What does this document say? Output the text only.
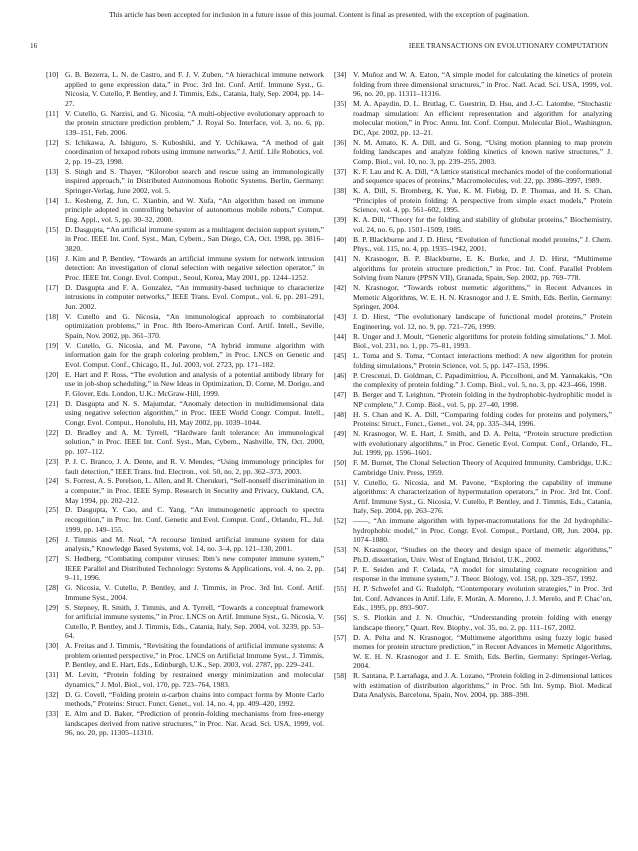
This article has been accepted for inclusion in a future issue of this journal. Content is final as presented, with the exception of pagination.
16	IEEE TRANSACTIONS ON EVOLUTIONARY COMPUTATION
[10] G. B. Bezerra, L. N. de Castro, and F. J. V. Zuben, “A hierachical immune network applied to gene expression data,” in Proc. 3rd Int. Conf. Artif. Immune Syst., G. Nicosia, V. Cutello, P. Bentley, and J. Timmis, Eds., Catania, Italy, Sep. 2004, pp. 14–27.
[11] V. Cutello, G. Narzisi, and G. Nicosia, “A multi-objective evolutionary approach to the protein structure prediction problem,” J. Royal So. Interface, vol. 3, no. 6, pp. 139–151, Feb. 2006.
[12] S. Ichikawa, A. Ishiguro, S. Kuboshiki, and Y. Uchikawa, “A method of gait coordination of hexapod robots using immune networks,” J. Artif. Life Robotics, vol. 2, pp. 19–23, 1998.
[13] S. Singh and S. Thayer, “Kilorobot search and rescue using an immunologically inspired approach,” in Distributed Autonomous Robotic Systems. Berlin, Germany: Springer-Verlag, June 2002, vol. 5.
[14] L. Kesheng, Z. Jun, C. Xianbin, and W. Xufa, “An algorithm based on immune principle adopted in controlling behavior of autonomous mobile robots,” Comput. Eng. Appl., vol. 5, pp. 30–32, 2000.
[15] D. Dasgupta, “An artificial immune system as a multiagent decision support system,” in Proc. IEEE Int. Conf. Syst., Man, Cybern., San Diego, CA, Oct. 1998, pp. 3816–3820.
[16] J. Kim and P. Bentley, “Towards an artificial immune system for network intrusion detection: An investigation of clonal selection with negative selection operator,” in Proc. IEEE Int. Congr. Evol. Comput., Seoul, Korea, May 2001, pp. 1244–1252.
[17] D. Dasgupta and F. A. Gonzalez, “An immunity-based technique to characterize intrusions in computer networks,” IEEE Trans. Evol. Comput., vol. 6, pp. 281–291, Jun. 2002.
[18] V. Cutello and G. Nicosia, “An immunological approach to combinatorial optimization problems,” in Proc. 8th Ibero-American Conf. Artif. Intell., Seville, Spain, Nov. 2002, pp. 361–370.
[19] V. Cutello, G. Nicosia, and M. Pavone, “A hybrid immune algorithm with information gain for the graph coloring problem,” in Proc. LNCS on Genetic and Evol. Comput. Conf., Chicago, IL, Jul. 2003, vol. 2723, pp. 171–182.
[20] E. Hart and P. Ross, “The evolution and analysis of a potential antibody library for use in job-shop scheduling,” in New Ideas in Optimization, D. Corne, M. Dorigo, and F. Glover, Eds. London, U.K.: McGraw-Hill, 1999.
[21] D. Dasgupta and N. S. Majumdar, “Anomaly detection in multidimensional data using negative selection algorithm,” in Proc. IEEE World Congr. Comput. Intell., Congr. Evol. Comput., Honolulu, HI, May 2002, pp. 1039–1044.
[22] D. Bradley and A. M. Tyrrell, “Hardware fault tolerance: An immunological solution,” in Proc. IEEE Int. Conf. Syst., Man, Cybern., Nashville, TN, Oct. 2000, pp. 107–112.
[23] P. J. C. Branco, J. A. Dente, and R. V. Mendes, “Using immunology principles for fault detection,” IEEE Trans. Ind. Electron., vol. 50, no. 2, pp. 362–373, 2003.
[24] S. Forrest, A. S. Perelson, L. Allen, and R. Cherukuri, “Self-nonself discrimination in a computer,” in Proc. IEEE Symp. Research in Security and Privacy, Oakland, CA, May 1994, pp. 202–212.
[25] D. Dasgupta, Y. Cao, and C. Yang, “An immunogenetic approach to spectra recognition,” in Proc. Int. Conf. Genetic and Evol. Comput. Conf., Orlando, FL, Jul. 1999, pp. 149–155.
[26] J. Timmis and M. Neal, “A recourse limited artificial immune system for data analysis,” Knowledge Based Systems, vol. 14, no. 3–4, pp. 121–130, 2001.
[27] S. Hedberg, “Combating computer viruses: Ibm’s new computer immune system,” IEEE Parallel and Distributed Technology: Systems & Applications, vol. 4, no. 2, pp. 9–11, 1996.
[28] G. Nicosia, V. Cutello, P. Bentley, and J. Timmis, in Proc. 3rd Int. Conf. Artif. Immune Syst., 2004.
[29] S. Stepney, R. Smith, J. Timmis, and A. Tyrrell, “Towards a conceptual framework for artificial immune systems,” in Proc. LNCS on Artif. Immune Syst., G. Nicosia, V. Cutello, P. Bentley, and J. Timmis, Eds., Catania, Italy, Sep. 2004, vol. 3239, pp. 53–64.
[30] A. Freitas and J. Timmis, “Revisiting the foundations of artificial immune systems: A problem oriented perspective,” in Proc. LNCS on Artificial Immune Syst., J. Timmis, P. Bentley, and E. Hart, Eds., Edinburgh, U.K., Sep. 2003, vol. 2787, pp. 229–241.
[31] M. Levitt, “Protein folding by restrained energy minimization and molecular dynamics,” J. Mol. Biol., vol. 170, pp. 723–764, 1983.
[32] D. G. Covell, “Folding protein α-carbon chains into compact forms by Monte Carlo methods,” Proteins: Struct. Funct. Genet., vol. 14, no. 4, pp. 409–420, 1992.
[33] E. Alm and D. Baker, “Prediction of protein-folding mechanisms from free-energy landscapes derived from native structures,” in Proc. Nat. Acad. Sci. USA, 1999, vol. 96, no. 20, pp. 11305–11310.
[34] V. Muñoz and W. A. Eaton, “A simple model for calculating the kinetics of protein folding from three dimensional structures,” in Proc. Natl. Acad. Sci. USA, 1999, vol. 96, no. 20, pp. 11311–11316.
[35] M. A. Apaydin, D. L. Brutlag, C. Guestrin, D. Hsu, and J.-C. Latombe, “Stochastic roadmap simulation: An efficient representation and algorithm for analyzing molecular motion,” in Proc. Annu. Int. Conf. Comput. Molecular Biol., Washington, DC, Apr. 2002, pp. 12–21.
[36] N. M. Amato, K. A. Dill, and G. Song, “Using motion planning to map protein folding landscapes and analyze folding kinetics of known native structures,” J. Comp. Biol., vol. 10, no. 3, pp. 239–255, 2003.
[37] K. F. Lau and K. A. Dill, “A lattice statistical mechanics model of the conformational and sequence spaces of proteins,” Macromolecules, vol. 22, pp. 3986–3997, 1989.
[38] K. A. Dill, S. Bromberg, K. Yue, K. M. Fiebig, D. P. Thomas, and H. S. Chan, “Principles of protein folding: A perspective from simple exact models,” Protein Science, vol. 4, pp. 561–602, 1995.
[39] K. A. Dill, “Theory for the folding and stability of globular proteins,” Biochemistry, vol. 24, no. 6, pp. 1501–1509, 1985.
[40] B. P. Blackburne and J. D. Hirst, “Evolution of functional model proteins,” J. Chem. Phys., vol. 115, no. 4, pp. 1935–1942, 2001.
[41] N. Krasnogor, B. P. Blackburne, E. K. Burke, and J. D. Hirst, “Multimeme algorithms for protein structure prediction,” in Proc. Int. Conf. Parallel Problem Solving from Nature (PPSN VII), Granada, Spain, Sep. 2002, pp. 769–778.
[42] N. Krasnogor, “Towards robust memetic algorithms,” in Recent Advances in Memetic Algorithms, W. E. H. N. Krasnogor and J. E. Smith, Eds. Berlin, Germany: Springer, 2004.
[43] J. D. Hirst, “The evolutionary landscape of functional model proteins,” Protein Engineering, vol. 12, no. 9, pp. 721–726, 1999.
[44] R. Unger and J. Moult, “Genetic algorithms for protein folding simulations,” J. Mol. Biol., vol. 231, no. 1, pp. 75–81, 1993.
[45] L. Toma and S. Toma, “Contact interactions method: A new algorithm for protein folding simulations,” Protein Science, vol. 5, pp. 147–153, 1996.
[46] P. Crescenzi, D. Goldman, C. Papadimitriou, A. Piccolboni, and M. Yannakakis, “On the complexity of protein folding,” J. Comp. Biol., vol. 5, no. 3, pp. 423–466, 1998.
[47] B. Berger and T. Leighton, “Protein folding in the hydrophobic-hydrophilic model is NP complete,” J. Comp. Biol., vol. 5, pp. 27–40, 1998.
[48] H. S. Chan and K. A. Dill, “Comparing folding codes for proteins and polymers,” Proteins: Struct., Funct., Genet., vol. 24, pp. 335–344, 1996.
[49] N. Krasnogor, W. E. Hart, J. Smith, and D. A. Pelta, “Protein structure prediction with evolutionary algorithms,” in Proc. Genetic Evol. Comput. Conf., Orlando, FL, Jul. 1999, pp. 1596–1601.
[50] F. M. Burnet, The Clonal Selection Theory of Acquired Immunity. Cambridge, U.K.: Cambridge Univ. Press, 1959.
[51] V. Cutello, G. Nicosia, and M. Pavone, “Exploring the capability of immune algorithms: A characterization of hypermutation operators,” in Proc. 3rd Int. Conf. Artif. Immune Syst., G. Nicosia, V. Cutello, P. Bentley, and J. Timmis, Eds., Catania, Italy, Sep. 2004, pp. 263–276.
[52] ——, “An immune algorithm with hyper-macromutations for the 2d hydrophilic-hydrophobic model,” in Proc. Congr. Evol. Comput., Portland, OR, Jun. 2004, pp. 1074–1080.
[53] N. Krasnogor, “Studies on the theory and design space of memetic algorithms,” Ph.D. dissertation, Univ. West of England, Bristol, U.K., 2002.
[54] P. E. Seiden and F. Celada, “A model for simulating cognate recognition and response in the immune system,” J. Theor. Biology, vol. 158, pp. 329–357, 1992.
[55] H. P. Schwefel and G. Rudolph, “Contemporary evolution strategies,” in Proc. 3rd Int. Conf. Advances in Artif. Life, F. Morán, A. Moreno, J. J. Merelo, and P. Chac’on, Eds., 1995, pp. 893–907.
[56] S. S. Plotkin and J. N. Onuchic, “Understanding protein folding with energy landscape theory,” Quart. Rev. Biophy., vol. 35, no. 2, pp. 111–167, 2002.
[57] D. A. Pelta and N. Krasnogor, “Multimeme algorithms using fuzzy logic based memes for protein structure prediction,” in Recent Advances in Memetic Algorithms, W. E. H. N. Krasnogor and J. E. Smith, Eds. Berlin, Germany: Springer-Verlag, 2004.
[58] R. Santana, P. Larrañaga, and J. A. Lozano, “Protein folding in 2-dimensional lattices with estimation of distribution algorithms,” in Proc. 5th Int. Symp. Biol. Medical Data Analysis, Barcelona, Spain, Nov. 2004, pp. 388–398.
